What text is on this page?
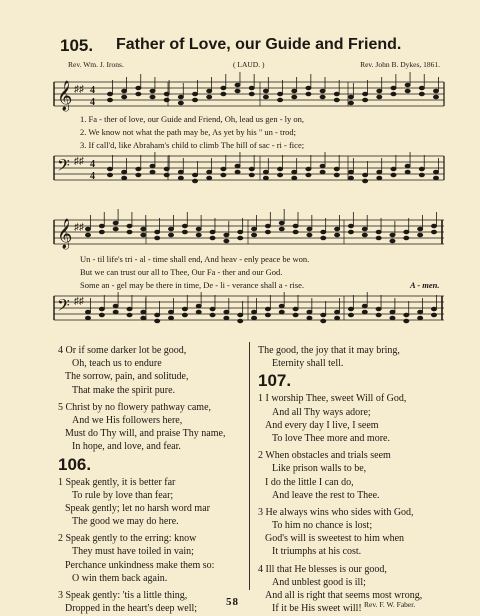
105. Father of Love, our Guide and Friend.
Rev. Wm. J. Irons.	( LAUD. )	Rev. John B. Dykes, 1861.
𝄞 ♯♯ 4
4
1. Fa - ther of love, our Guide and Friend, Oh, lead us gen - ly on,
2. We know not what the path may be, As yet by his " un - trod;
3. If call'd, like Abraham's child to climb The hill of sac - ri - fice;
𝄢 ♯♯ 4
4
𝄞 ♯♯
Un - til life's tri - al - time shall end, And heav - enly peace be won.
But we can trust our all to Thee, Our Fa - ther and our God.
Some an - gel may be there in time, De - li - verance shall a - rise.	A - men.
𝄢 ♯♯
4 Or if some darker lot be good,
Oh, teach us to endure
The sorrow, pain, and solitude,
That make the spirit pure.
5 Christ by no flowery pathway came,
And we His followers here,
Must do Thy will, and praise Thy name,
In hope, and love, and fear.
106.
1 Speak gently, it is better far
To rule by love than fear;
Speak gently; let no harsh word mar
The good we may do here.
2 Speak gently to the erring: know
They must have toiled in vain;
Perchance unkindness make them so:
O win them back again.
3 Speak gently: 'tis a little thing,
Dropped in the heart's deep well;
The good, the joy that it may bring,
Eternity shall tell.
107.
1 I worship Thee, sweet Will of God,
And all Thy ways adore;
And every day I live, I seem
To love Thee more and more.
2 When obstacles and trials seem
Like prison walls to be,
I do the little I can do,
And leave the rest to Thee.
3 He always wins who sides with God,
To him no chance is lost;
God's will is sweetest to him when
It triumphs at his cost.
4 Ill that He blesses is our good,
And unblest good is ill;
And all is right that seems most wrong,
If it be His sweet will!
58	Rev. F. W. Faber.
